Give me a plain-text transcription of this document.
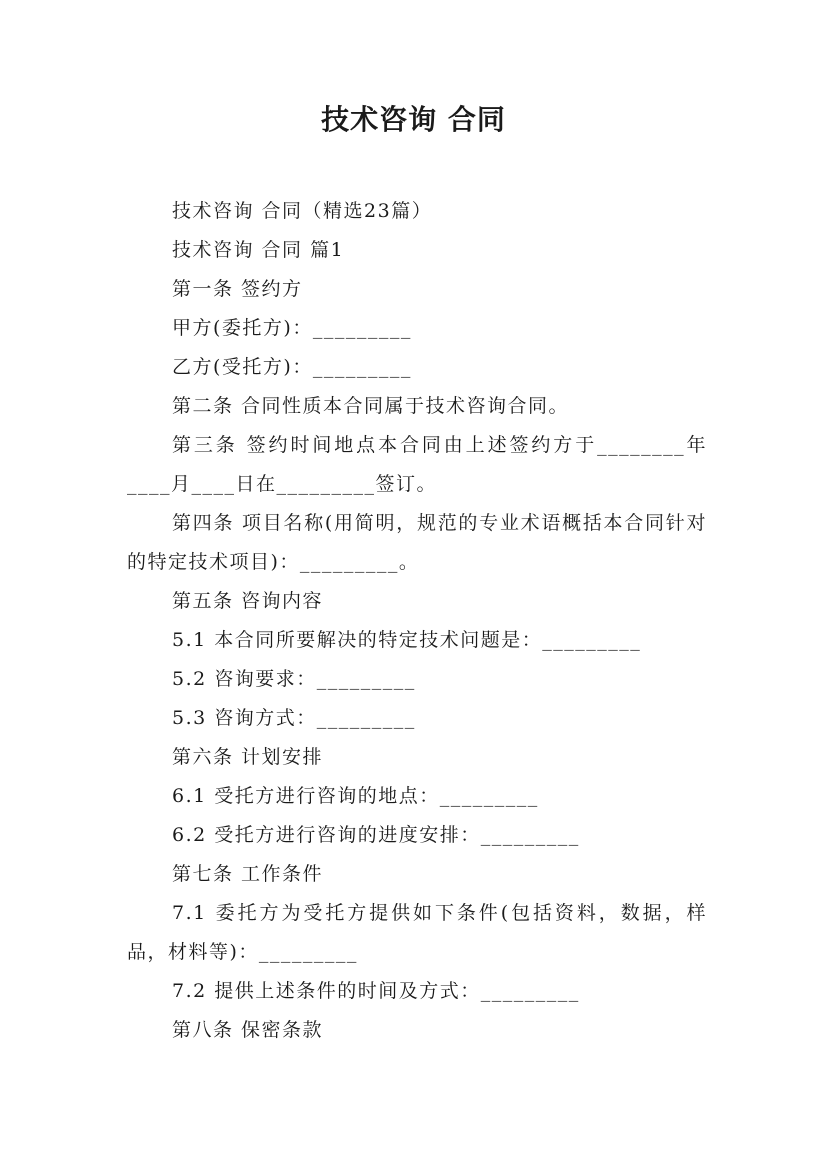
技术咨询 合同

技术咨询 合同（精选23篇）

技术咨询 合同 篇1

第一条 签约方

甲方(委托方)：_________

乙方(受托方)：_________

第二条 合同性质本合同属于技术咨询合同。

第三条 签约时间地点本合同由上述签约方于________年____月____日在_________签订。

第四条 项目名称(用简明，规范的专业术语概括本合同针对的特定技术项目)：_________。

第五条 咨询内容

5.1 本合同所要解决的特定技术问题是：_________

5.2 咨询要求：_________

5.3 咨询方式：_________

第六条 计划安排

6.1 受托方进行咨询的地点：_________

6.2 受托方进行咨询的进度安排：_________

第七条 工作条件

7.1 委托方为受托方提供如下条件(包括资料，数据，样品，材料等)：_________

7.2 提供上述条件的时间及方式：_________

第八条 保密条款
